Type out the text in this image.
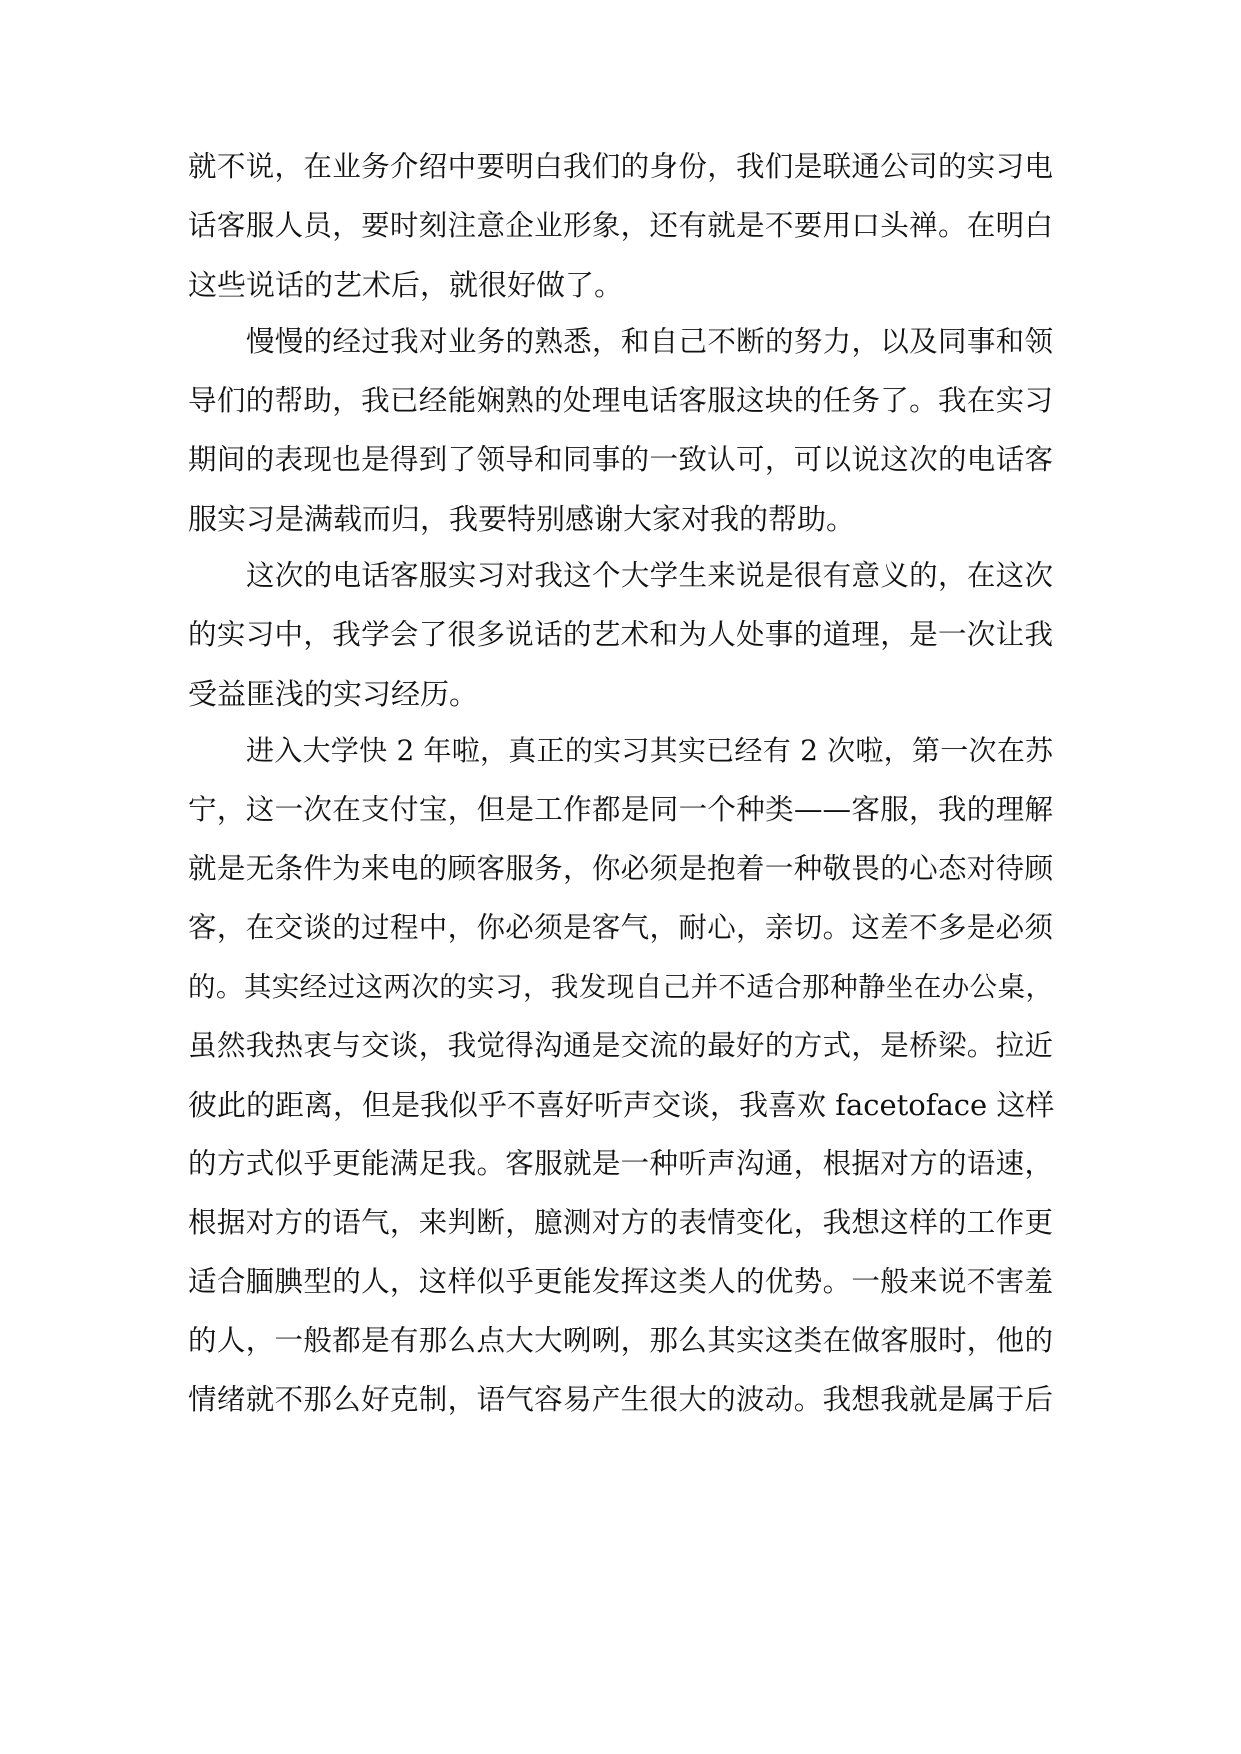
就不说，在业务介绍中要明白我们的身份，我们是联通公司的实习电
话客服人员，要时刻注意企业形象，还有就是不要用口头禅。在明白
这些说话的艺术后，就很好做了。
慢慢的经过我对业务的熟悉，和自己不断的努力，以及同事和领
导们的帮助，我已经能娴熟的处理电话客服这块的任务了。我在实习
期间的表现也是得到了领导和同事的一致认可，可以说这次的电话客
服实习是满载而归，我要特别感谢大家对我的帮助。
这次的电话客服实习对我这个大学生来说是很有意义的，在这次
的实习中，我学会了很多说话的艺术和为人处事的道理，是一次让我
受益匪浅的实习经历。
进入大学快 2 年啦，真正的实习其实已经有 2 次啦，第一次在苏
宁，这一次在支付宝，但是工作都是同一个种类——客服，我的理解
就是无条件为来电的顾客服务，你必须是抱着一种敬畏的心态对待顾
客，在交谈的过程中，你必须是客气，耐心，亲切。这差不多是必须
的。其实经过这两次的实习，我发现自己并不适合那种静坐在办公桌，
虽然我热衷与交谈，我觉得沟通是交流的最好的方式，是桥梁。拉近
彼此的距离，但是我似乎不喜好听声交谈，我喜欢 facetoface 这样
的方式似乎更能满足我。客服就是一种听声沟通，根据对方的语速，
根据对方的语气，来判断，臆测对方的表情变化，我想这样的工作更
适合腼腆型的人，这样似乎更能发挥这类人的优势。一般来说不害羞
的人，一般都是有那么点大大咧咧，那么其实这类在做客服时，他的
情绪就不那么好克制，语气容易产生很大的波动。我想我就是属于后
